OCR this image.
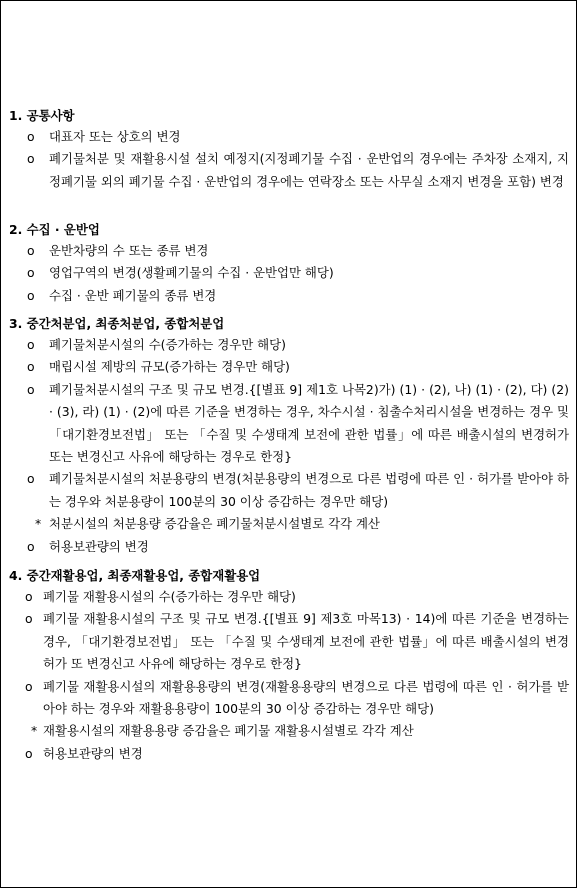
1. 공통사항
o 대표자 또는 상호의 변경
o 폐기물처분 및 재활용시설 설치 예정지(지정폐기물 수집 · 운반업의 경우에는 주차장 소재지, 지정폐기물 외의 폐기물 수집 · 운반업의 경우에는 연락장소 또는 사무실 소재지 변경을 포함) 변경
2. 수집 · 운반업
o 운반차량의 수 또는 종류 변경
o 영업구역의 변경(생활폐기물의 수집 · 운반업만 해당)
o 수집 · 운반 폐기물의 종류 변경
3. 중간처분업, 최종처분업, 종합처분업
o 폐기물처분시설의 수(증가하는 경우만 해당)
o 매립시설 제방의 규모(증가하는 경우만 해당)
o 폐기물처분시설의 구조 및 규모 변경.{[별표 9] 제1호 나목2)가) (1) · (2), 나) (1) · (2), 다) (2) · (3), 라) (1) · (2)에 따른 기준을 변경하는 경우, 차수시설 · 침출수처리시설을 변경하는 경우 및 「대기환경보전법」 또는 「수질 및 수생태계 보전에 관한 법률」에 따른 배출시설의 변경허가 또는 변경신고 사유에 해당하는 경우로 한정}
o 폐기물처분시설의 처분용량의 변경(처분용량의 변경으로 다른 법령에 따른 인 · 허가를 받아야 하는 경우와 처분용량이 100분의 30 이상 증감하는 경우만 해당)
* 처분시설의 처분용량 증감율은 폐기물처분시설별로 각각 계산
o 허용보관량의 변경
4. 중간재활용업, 최종재활용업, 종합재활용업
o 폐기물 재활용시설의 수(증가하는 경우만 해당)
o 폐기물 재활용시설의 구조 및 규모 변경.{[별표 9] 제3호 마목13) · 14)에 따른 기준을 변경하는 경우, 「대기환경보전법」 또는 「수질 및 수생태계 보전에 관한 법률」에 따른 배출시설의 변경허가 또 변경신고 사유에 해당하는 경우로 한정}
o 폐기물 재활용시설의 재활용용량의 변경(재활용용량의 변경으로 다른 법령에 따른 인 · 허가를 받아야 하는 경우와 재활용용량이 100분의 30 이상 증감하는 경우만 해당)
* 재활용시설의 재활용용량 증감율은 폐기물 재활용시설별로 각각 계산
o 허용보관량의 변경
